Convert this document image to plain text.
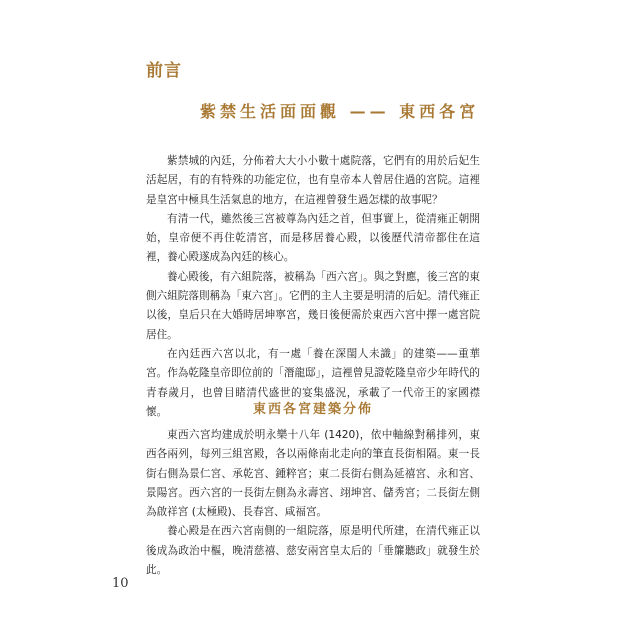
前言
紫禁生活面面觀 —— 東西各宮

紫禁城的內廷，分佈着大大小小數十處院落，它們有的用於后妃生活起居，有的有特殊的功能定位，也有皇帝本人曾居住過的宮院。這裡是皇宮中極具生活氣息的地方，在這裡曾發生過怎樣的故事呢？

有清一代，雖然後三宮被尊為內廷之首，但事實上，從清雍正朝開始，皇帝便不再住乾清宮，而是移居養心殿，以後歷代清帝都住在這裡，養心殿遂成為內廷的核心。

養心殿後，有六組院落，被稱為「西六宮」。與之對應，後三宮的東側六組院落則稱為「東六宮」。它們的主人主要是明清的后妃。清代雍正以後，皇后只在大婚時居坤寧宮，幾日後便需於東西六宮中擇一處宮院居住。

在內廷西六宮以北，有一處「養在深閨人未識」的建築——重華宮。作為乾隆皇帝即位前的「潛龍邸」，這裡曾見證乾隆皇帝少年時代的青春歲月，也曾目睹清代盛世的宴集盛況，承載了一代帝王的家國襟懷。	東西各宮建築分佈

東西六宮均建成於明永樂十八年 (1420)，依中軸線對稱排列，東西各兩列，每列三組宮殿，各以兩條南北走向的筆直長街相隔。東一長街右側為景仁宮、承乾宮、鍾粹宮；東二長街右側為延禧宮、永和宮、景陽宮。西六宮的一長街左側為永壽宮、翊坤宮、儲秀宮；二長街左側為啟祥宮 (太極殿)、長春宮、咸福宮。

養心殿是在西六宮南側的一組院落，原是明代所建，在清代雍正以後成為政治中樞，晚清慈禧、慈安兩宮皇太后的「垂簾聽政」就發生於此。

10
